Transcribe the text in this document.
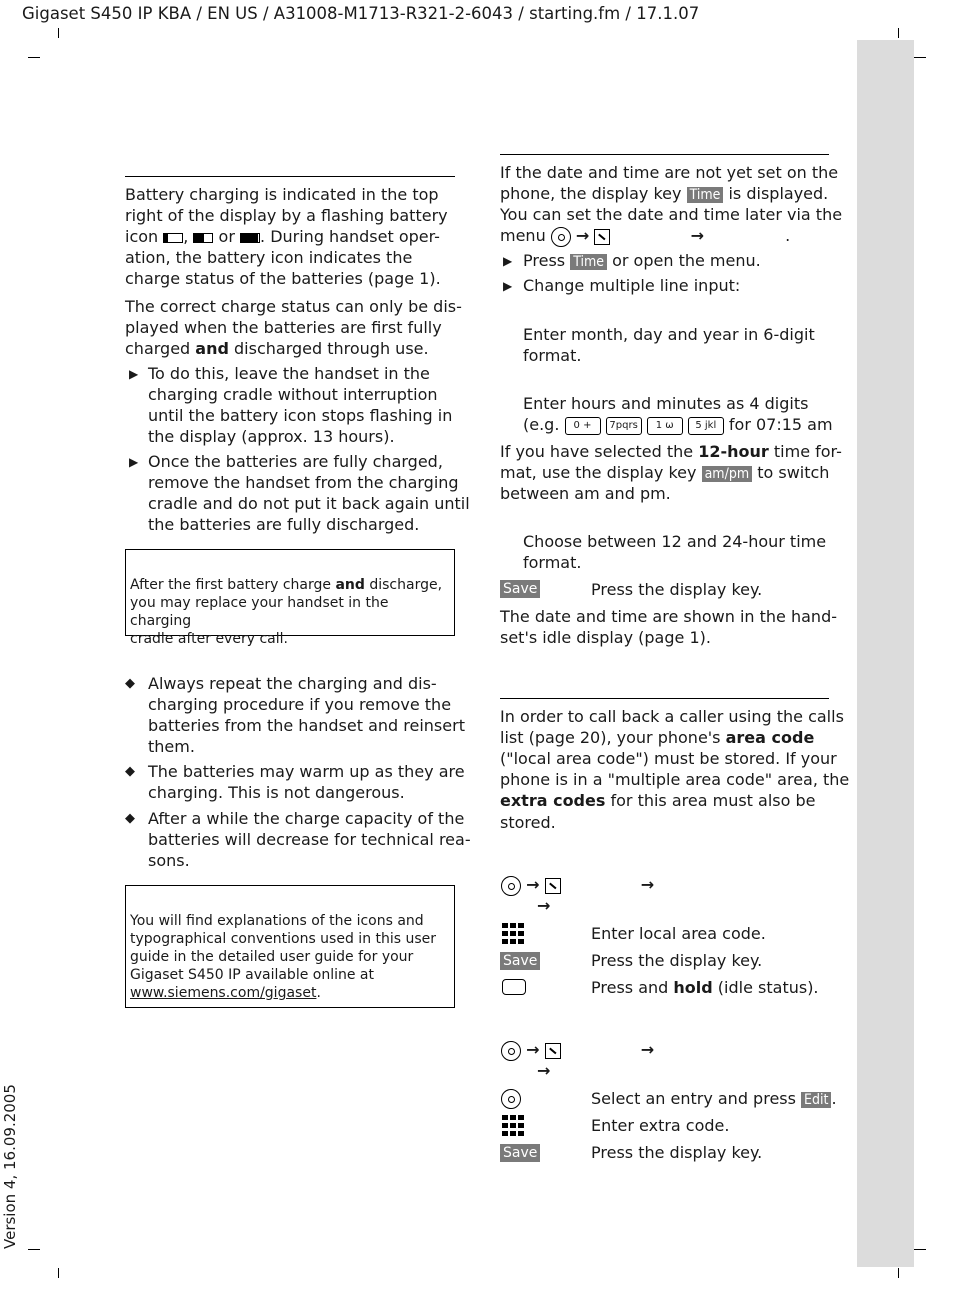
Gigaset S450 IP KBA / EN US / A31008-M1713-R321-2-6043 / starting.fm / 17.1.07
Version 4, 16.09.2005
Battery charging is indicated in the top
right of the display by a flashing battery
icon , or . During handset oper-
ation, the battery icon indicates the
charge status of the batteries (page 1).
The correct charge status can only be dis-
played when the batteries are first fully
charged and discharged through use.
▶ To do this, leave the handset in the
charging cradle without interruption
until the battery icon stops flashing in
the display (approx. 13 hours).
▶ Once the batteries are fully charged,
remove the handset from the charging
cradle and do not put it back again until
the batteries are fully discharged.
After the first battery charge and discharge,
you may replace your handset in the charging
cradle after every call.
◆ Always repeat the charging and dis-
charging procedure if you remove the
batteries from the handset and reinsert
them.
◆ The batteries may warm up as they are
charging. This is not dangerous.
◆ After a while the charge capacity of the
batteries will decrease for technical rea-
sons.
You will find explanations of the icons and
typographical conventions used in this user
guide in the detailed user guide for your
Gigaset S450 IP available online at
www.siemens.com/gigaset.
If the date and time are not yet set on the
phone, the display key Time is displayed.
You can set the date and time later via the
menu →	→	.
▶ Press Time or open the menu.
▶ Change multiple line input:
Enter month, day and year in 6-digit
format.
Enter hours and minutes as 4 digits
(e.g. 0 + 7pqrs 1 ω 5 jkl for 07:15 am
If you have selected the 12-hour time for-
mat, use the display key am/pm to switch
between am and pm.
Choose between 12 and 24-hour time
format.
Save	Press the display key.
The date and time are shown in the hand-
set's idle display (page 1).
In order to call back a caller using the calls
list (page 20), your phone's area code
("local area code") must be stored. If your
phone is in a "multiple area code" area, the
extra codes for this area must also be
stored.
→	→
→
Enter local area code.
Save	Press the display key.
Press and hold (idle status).
→	→
→
Select an entry and press Edit .
Enter extra code.
Save	Press the display key.
